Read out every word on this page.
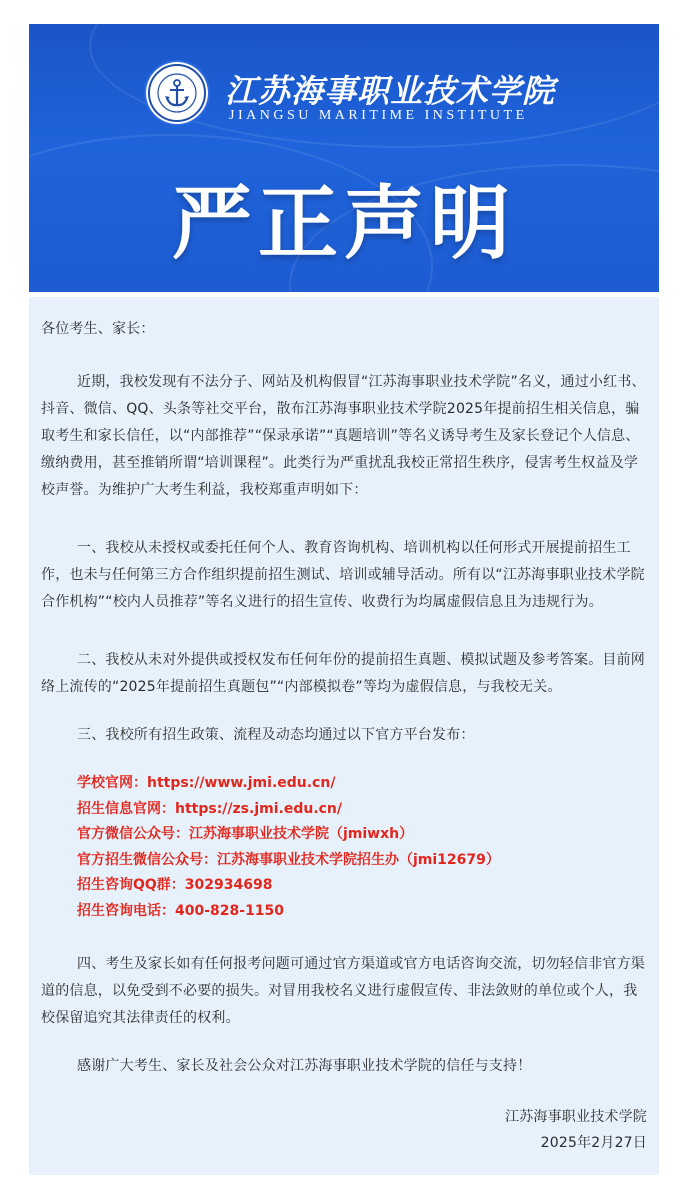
江苏海事职业技术学院
JIANGSU MARITIME INSTITUTE
严正声明

各位考生、家长：

近期，我校发现有不法分子、网站及机构假冒“江苏海事职业技术学院”名义，通过小红书、抖音、微信、QQ、头条等社交平台，散布江苏海事职业技术学院2025年提前招生相关信息，骗取考生和家长信任，以“内部推荐”“保录承诺”“真题培训”等名义诱导考生及家长登记个人信息、缴纳费用，甚至推销所谓“培训课程”。此类行为严重扰乱我校正常招生秩序，侵害考生权益及学校声誉。为维护广大考生利益，我校郑重声明如下：

一、我校从未授权或委托任何个人、教育咨询机构、培训机构以任何形式开展提前招生工作，也未与任何第三方合作组织提前招生测试、培训或辅导活动。所有以“江苏海事职业技术学院合作机构”“校内人员推荐”等名义进行的招生宣传、收费行为均属虚假信息且为违规行为。

二、我校从未对外提供或授权发布任何年份的提前招生真题、模拟试题及参考答案。目前网络上流传的“2025年提前招生真题包”“内部模拟卷”等均为虚假信息，与我校无关。

三、我校所有招生政策、流程及动态均通过以下官方平台发布：

学校官网：https://www.jmi.edu.cn/
招生信息官网：https://zs.jmi.edu.cn/
官方微信公众号：江苏海事职业技术学院（jmiwxh）
官方招生微信公众号：江苏海事职业技术学院招生办（jmi12679）
招生咨询QQ群：302934698
招生咨询电话：400-828-1150

四、考生及家长如有任何报考问题可通过官方渠道或官方电话咨询交流，切勿轻信非官方渠道的信息，以免受到不必要的损失。对冒用我校名义进行虚假宣传、非法敛财的单位或个人，我校保留追究其法律责任的权利。

感谢广大考生、家长及社会公众对江苏海事职业技术学院的信任与支持！

江苏海事职业技术学院

2025年2月27日
